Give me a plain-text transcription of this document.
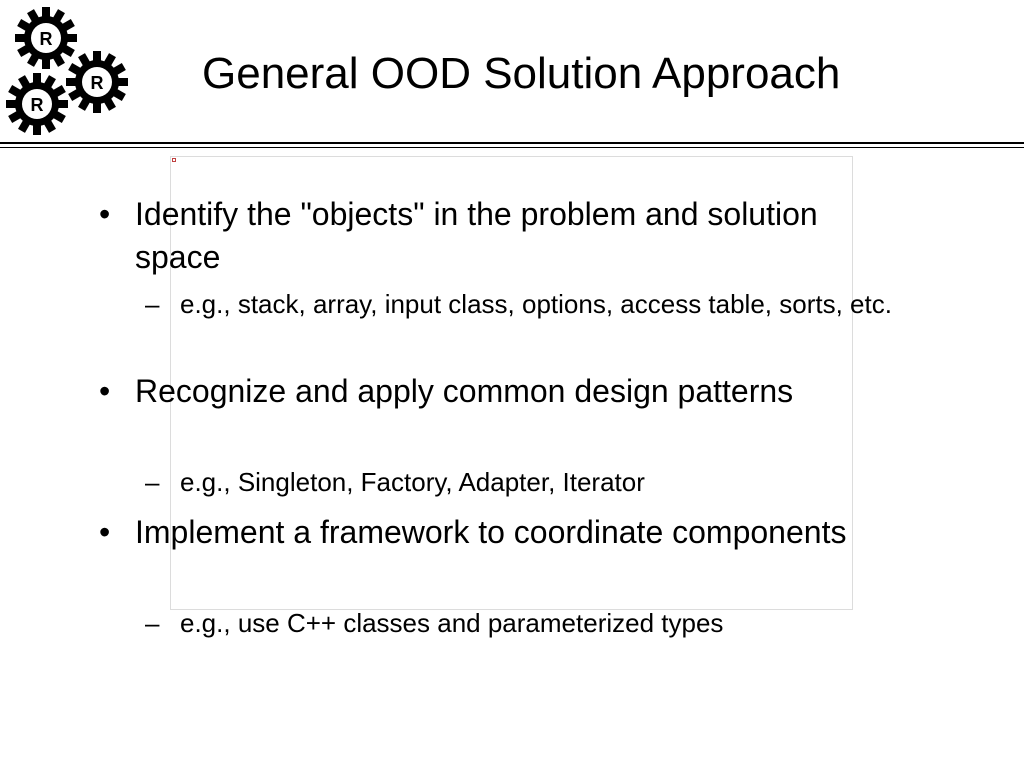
R
R
R
General OOD Solution Approach
• Identify the "objects" in the problem and solution space
– e.g., stack, array, input class, options, access table, sorts, etc.
• Recognize and apply common design patterns
– e.g., Singleton, Factory, Adapter, Iterator
• Implement a framework to coordinate components
– e.g., use C++ classes and parameterized types
